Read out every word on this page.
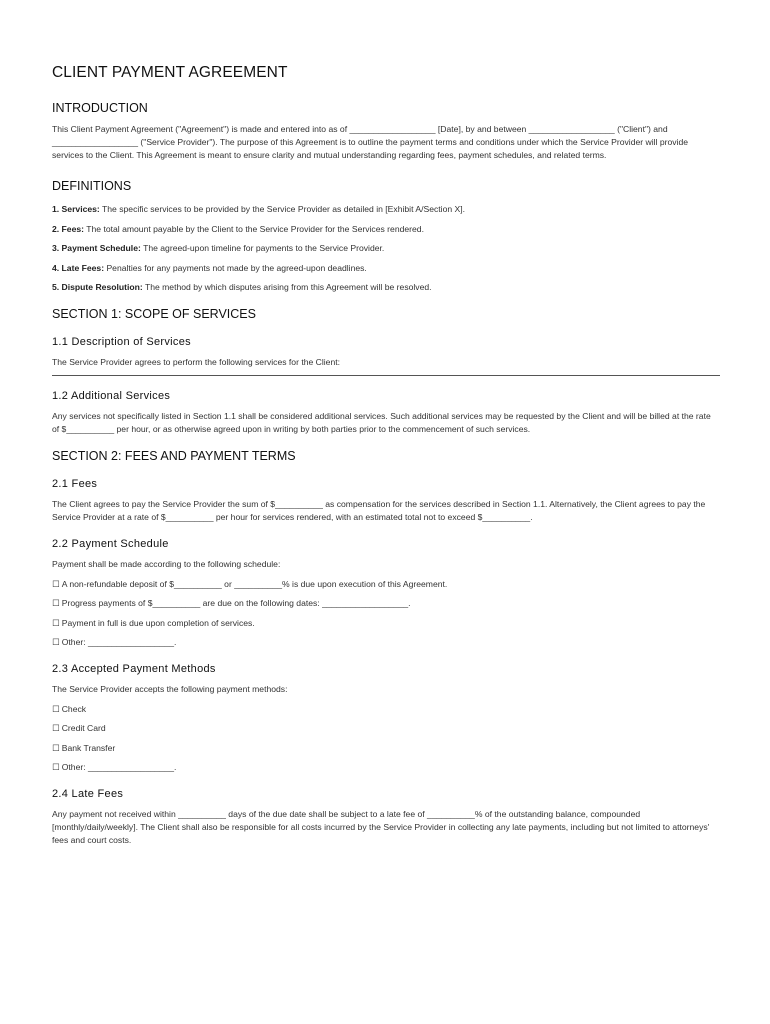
CLIENT PAYMENT AGREEMENT
INTRODUCTION

This Client Payment Agreement ("Agreement") is made and entered into as of __________________ [Date], by and between __________________ ("Client") and __________________ ("Service Provider"). The purpose of this Agreement is to outline the payment terms and conditions under which the Service Provider will provide services to the Client. This Agreement is meant to ensure clarity and mutual understanding regarding fees, payment schedules, and related terms.

DEFINITIONS

1. Services: The specific services to be provided by the Service Provider as detailed in [Exhibit A/Section X].

2. Fees: The total amount payable by the Client to the Service Provider for the Services rendered.

3. Payment Schedule: The agreed-upon timeline for payments to the Service Provider.

4. Late Fees: Penalties for any payments not made by the agreed-upon deadlines.

5. Dispute Resolution: The method by which disputes arising from this Agreement will be resolved.

SECTION 1: SCOPE OF SERVICES
1.1 Description of Services

The Service Provider agrees to perform the following services for the Client:

1.2 Additional Services

Any services not specifically listed in Section 1.1 shall be considered additional services. Such additional services may be requested by the Client and will be billed at the rate of $__________ per hour, or as otherwise agreed upon in writing by both parties prior to the commencement of such services.

SECTION 2: FEES AND PAYMENT TERMS
2.1 Fees

The Client agrees to pay the Service Provider the sum of $__________ as compensation for the services described in Section 1.1. Alternatively, the Client agrees to pay the Service Provider at a rate of $__________ per hour for services rendered, with an estimated total not to exceed $__________.

2.2 Payment Schedule

Payment shall be made according to the following schedule:

☐ A non-refundable deposit of $__________ or __________% is due upon execution of this Agreement.

☐ Progress payments of $__________ are due on the following dates: __________________.

☐ Payment in full is due upon completion of services.

☐ Other: __________________.

2.3 Accepted Payment Methods

The Service Provider accepts the following payment methods:

☐ Check

☐ Credit Card

☐ Bank Transfer

☐ Other: __________________.

2.4 Late Fees

Any payment not received within __________ days of the due date shall be subject to a late fee of __________% of the outstanding balance, compounded [monthly/daily/weekly]. The Client shall also be responsible for all costs incurred by the Service Provider in collecting any late payments, including but not limited to attorneys' fees and court costs.
